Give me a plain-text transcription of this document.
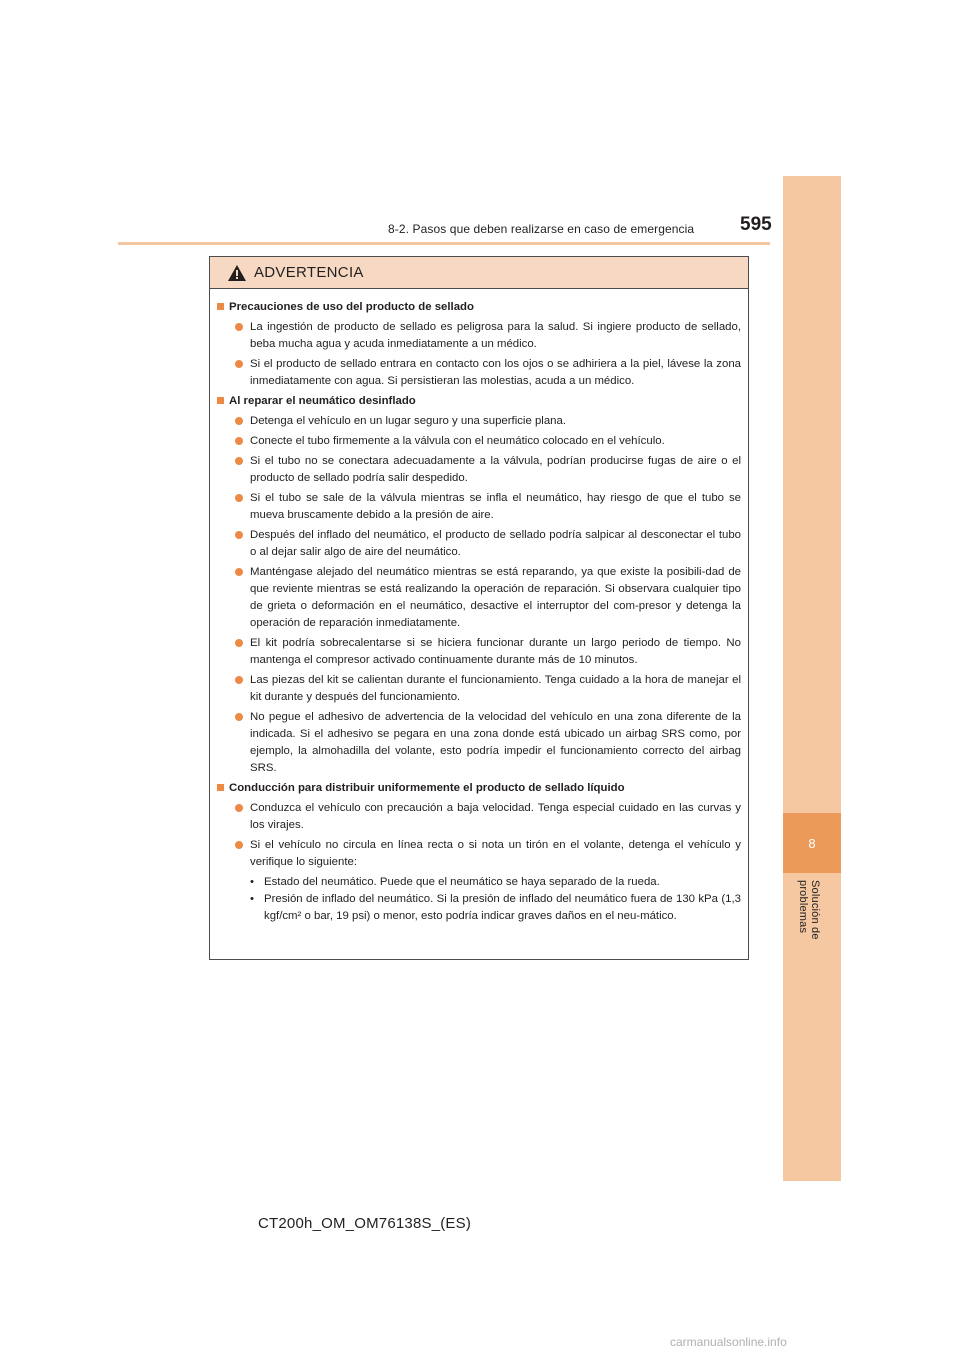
8-2. Pasos que deben realizarse en caso de emergencia 595
8
Solución de problemas
ADVERTENCIA
Precauciones de uso del producto de sellado
La ingestión de producto de sellado es peligrosa para la salud. Si ingiere producto de sellado, beba mucha agua y acuda inmediatamente a un médico.
Si el producto de sellado entrara en contacto con los ojos o se adhiriera a la piel, lávese la zona inmediatamente con agua. Si persistieran las molestias, acuda a un médico.
Al reparar el neumático desinflado
Detenga el vehículo en un lugar seguro y una superficie plana.
Conecte el tubo firmemente a la válvula con el neumático colocado en el vehículo.
Si el tubo no se conectara adecuadamente a la válvula, podrían producirse fugas de aire o el producto de sellado podría salir despedido.
Si el tubo se sale de la válvula mientras se infla el neumático, hay riesgo de que el tubo se mueva bruscamente debido a la presión de aire.
Después del inflado del neumático, el producto de sellado podría salpicar al desconectar el tubo o al dejar salir algo de aire del neumático.
Manténgase alejado del neumático mientras se está reparando, ya que existe la posibili-dad de que reviente mientras se está realizando la operación de reparación. Si observara cualquier tipo de grieta o deformación en el neumático, desactive el interruptor del com-presor y detenga la operación de reparación inmediatamente.
El kit podría sobrecalentarse si se hiciera funcionar durante un largo periodo de tiempo. No mantenga el compresor activado continuamente durante más de 10 minutos.
Las piezas del kit se calientan durante el funcionamiento. Tenga cuidado a la hora de manejar el kit durante y después del funcionamiento.
No pegue el adhesivo de advertencia de la velocidad del vehículo en una zona diferente de la indicada. Si el adhesivo se pegara en una zona donde está ubicado un airbag SRS como, por ejemplo, la almohadilla del volante, esto podría impedir el funcionamiento correcto del airbag SRS.
Conducción para distribuir uniformemente el producto de sellado líquido
Conduzca el vehículo con precaución a baja velocidad. Tenga especial cuidado en las curvas y los virajes.
Si el vehículo no circula en línea recta o si nota un tirón en el volante, detenga el vehículo y verifique lo siguiente:
• Estado del neumático. Puede que el neumático se haya separado de la rueda.
• Presión de inflado del neumático. Si la presión de inflado del neumático fuera de 130 kPa (1,3 kgf/cm² o bar, 19 psi) o menor, esto podría indicar graves daños en el neu-mático.
CT200h_OM_OM76138S_(ES)
carmanualsonline.info
